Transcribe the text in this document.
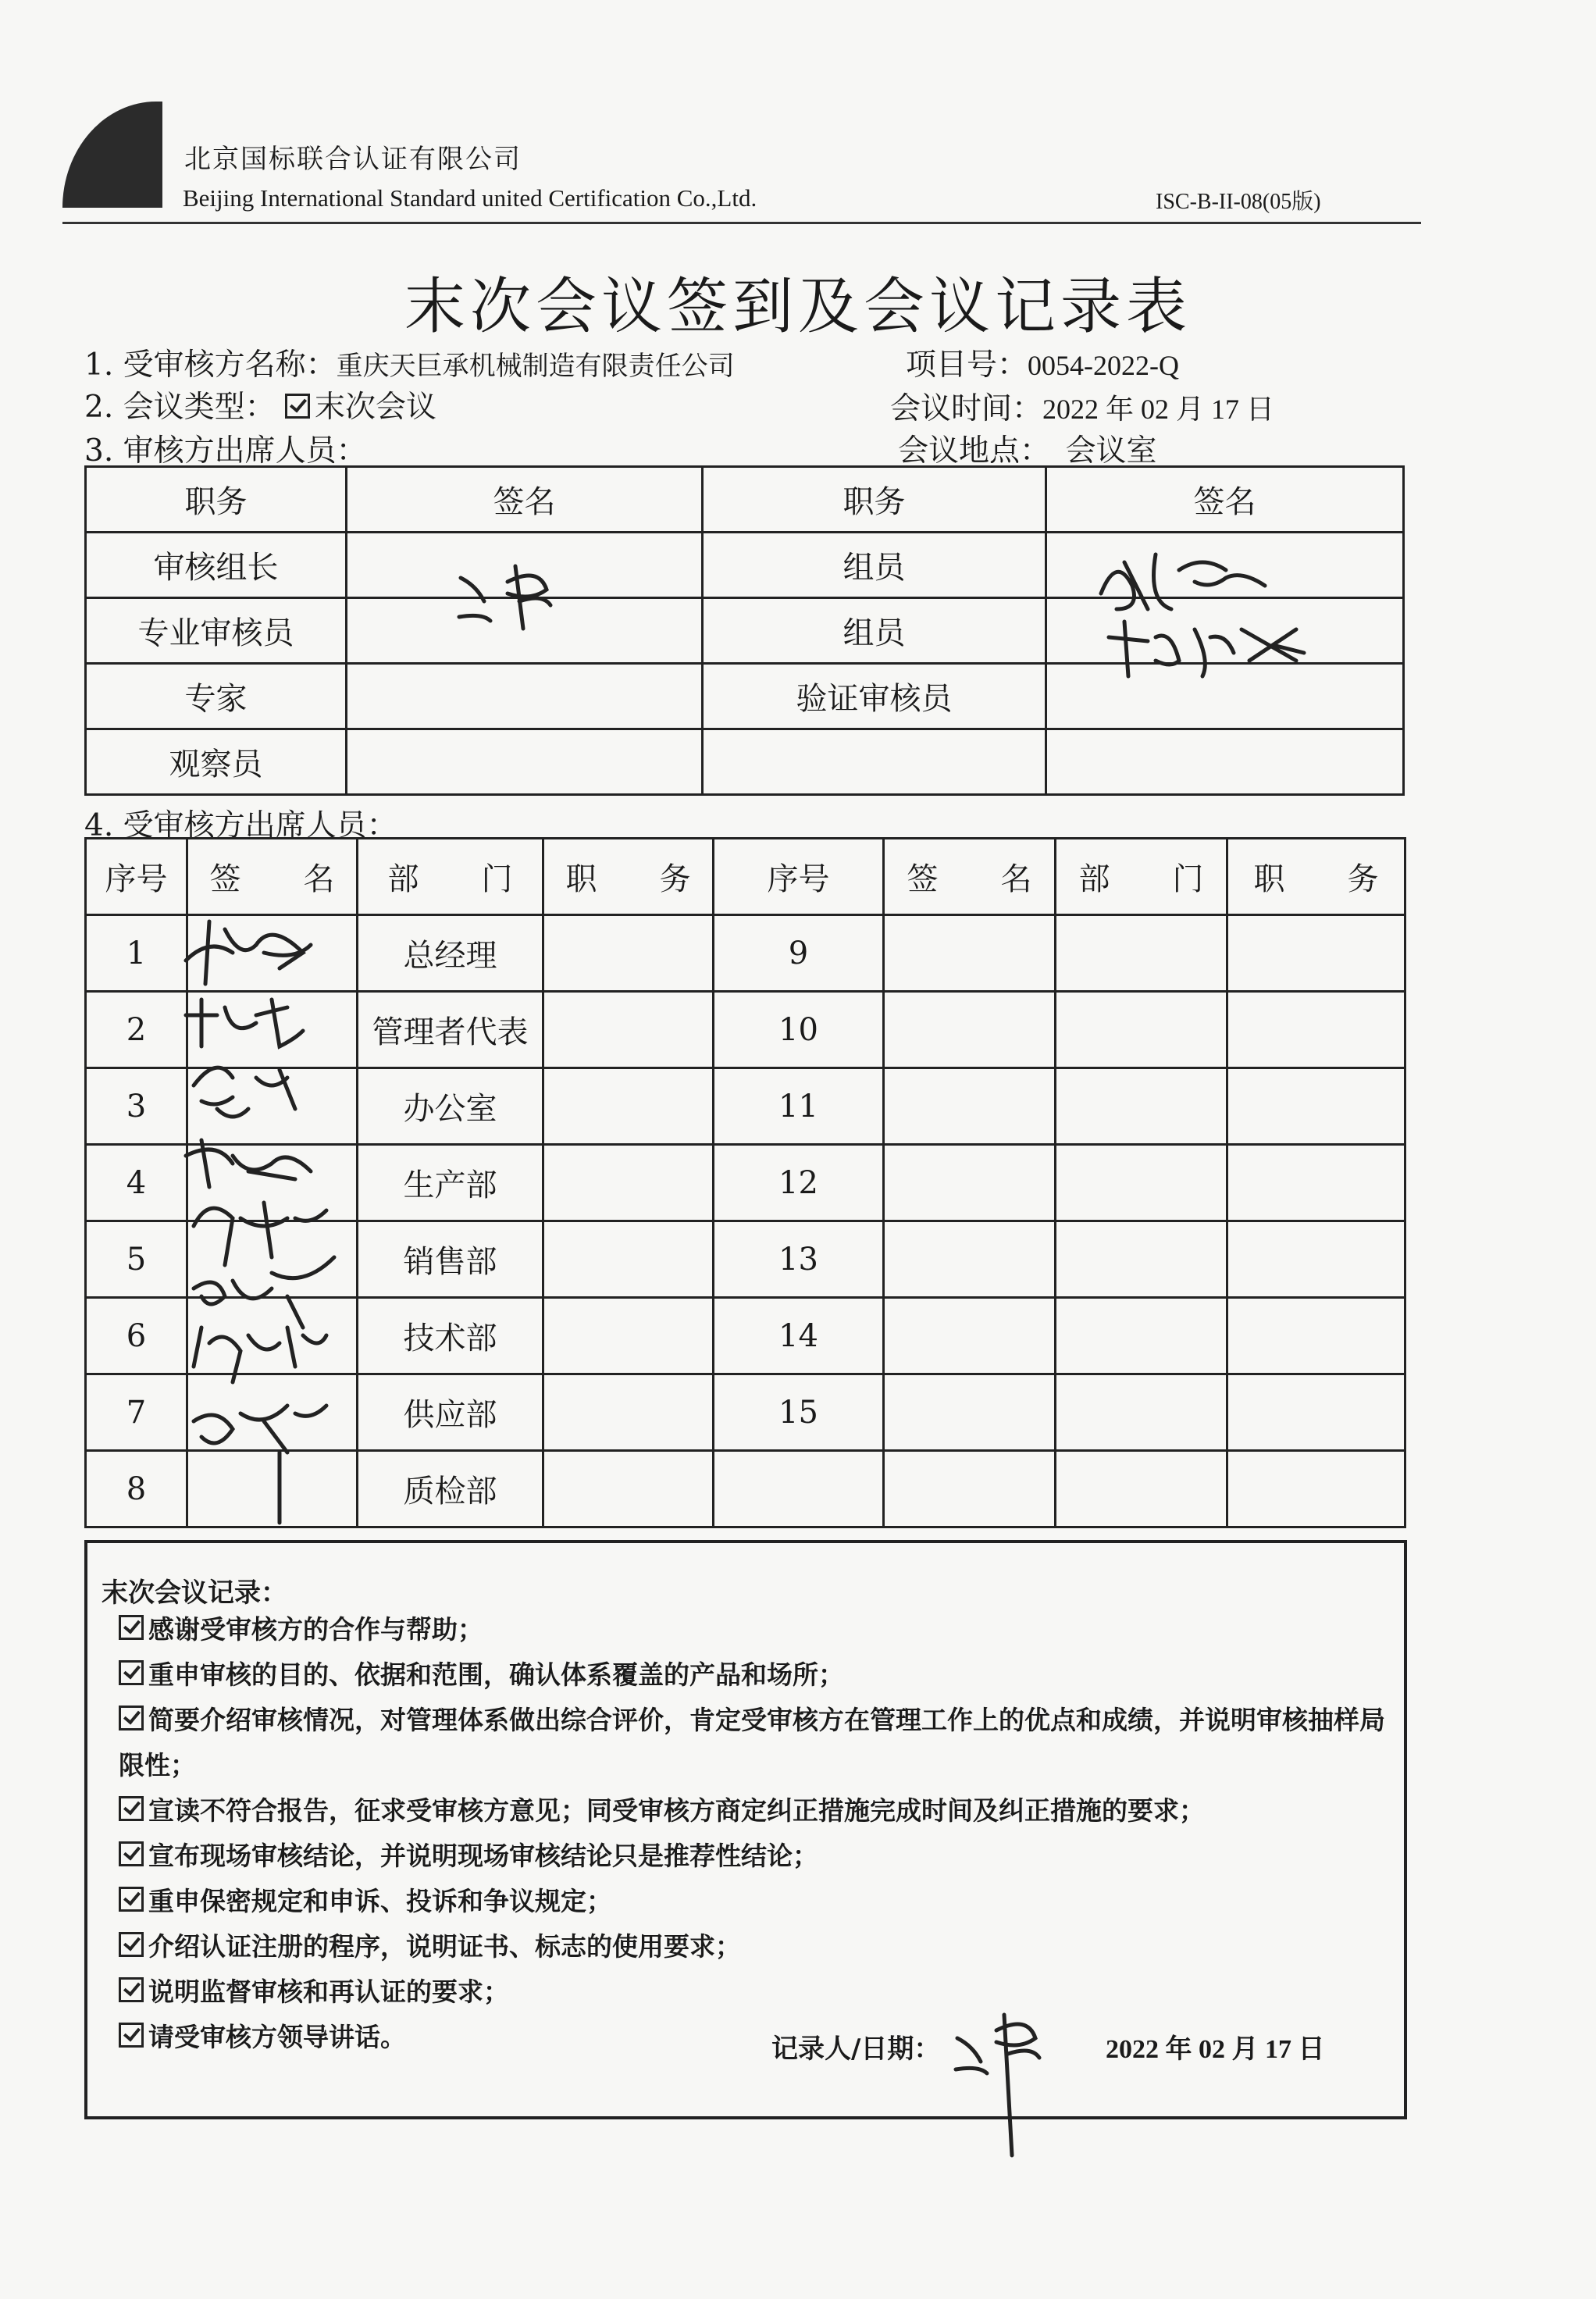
北京国标联合认证有限公司
Beijing International Standard united Certification Co.,Ltd.	ISC-B-II-08(05版)
末次会议签到及会议记录表
1. 受审核方名称：重庆天巨承机械制造有限责任公司	项目号：0054-2022-Q
2. 会议类型： 末次会议	会议时间：2022 年 02 月 17 日
3. 审核方出席人员：	会议地点：　 会议室
职务	签名	职务	签名
审核组长		组员	
专业审核员		组员	
专家		验证审核员	
观察员			
4. 受审核方出席人员：
序号	签　　名	部　　门	职　　务	序号	签　　名	部　　门	职　　务
1		总经理		9			
2		管理者代表		10			
3		办公室		11			
4		生产部		12			
5		销售部		13			
6		技术部		14			
7		供应部		15			
8		质检部					
末次会议记录：
感谢受审核方的合作与帮助；
重申审核的目的、依据和范围，确认体系覆盖的产品和场所；
简要介绍审核情况，对管理体系做出综合评价，肯定受审核方在管理工作上的优点和成绩，并说明审核抽样局限性；
宣读不符合报告，征求受审核方意见；同受审核方商定纠正措施完成时间及纠正措施的要求；
宣布现场审核结论，并说明现场审核结论只是推荐性结论；
重申保密规定和申诉、投诉和争议规定；
介绍认证注册的程序，说明证书、标志的使用要求；
说明监督审核和再认证的要求；
请受审核方领导讲话。	记录人/日期：	2022 年 02 月 17 日
